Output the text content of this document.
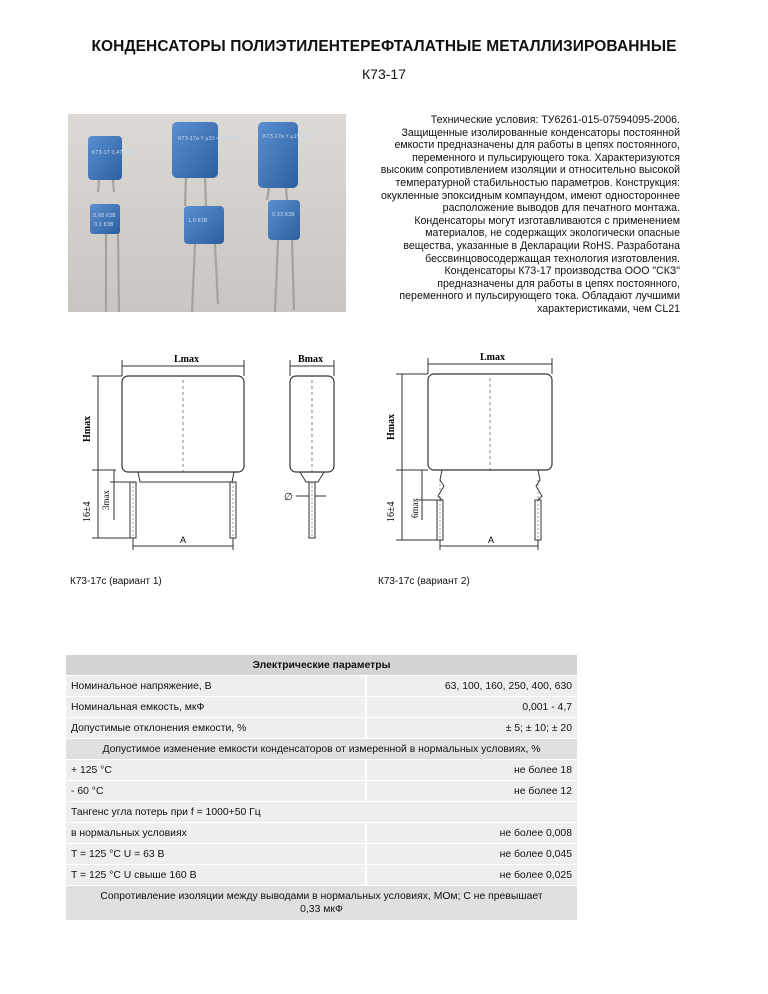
КОНДЕНСАТОРЫ ПОЛИЭТИЛЕНТЕРЕФТАЛАТНЫЕ МЕТАЛЛИЗИРОВАННЫЕ
К73-17
К73-17в Y μ33 400В 5%	К73-17в Y μ15 630В 5%
K73-17 0,47 100В
0,68 63В
1,0 63В
0,33 63В
0,1 63В

Технические условия: ТУ6261-015-07594095-2006.

Защищенные изолированные конденсаторы постоянной

емкости предназначены для работы в цепях постоянного,

переменного и пульсирующего тока. Характеризуются

высоким сопротивлением изоляции и относительно высокой

температурной стабильностью параметров. Конструкция:

окукленные эпоксидным компаундом, имеют одностороннее

расположение выводов для печатного монтажа.

Конденсаторы могут изготавливаются с применением

материалов, не содержащих экологически опасные

вещества, указанные в Декларации RoHS. Разработана

бессвинцовосодержащая технология изготовления.

Конденсаторы К73-17 производства ООО "СКЗ"

предназначены для работы в цепях постоянного,

переменного и пульсирующего тока. Обладают лучшими

характеристиками, чем CL21

Lmax
Hmax
16±4
3max
A
Bmax
∅
Lmax
Hmax
16±4 6max
A
К73-17с (вариант 1)	К73-17с (вариант 2)
Электрические параметры	
Номинальное напряжение, В	63, 100, 160, 250, 400, 630
Номинальная емкость, мкФ	0,001 - 4,7
Допустимые отклонения емкости, %	± 5; ± 10; ± 20
Допустимое изменение емкости конденсаторов от измеренной в нормальных условиях, %	
+ 125 °C	не более 18
- 60 °C	не более 12
Тангенс угла потерь при f = 1000+50 Гц	
в нормальных условиях	не более 0,008
T = 125 °C U = 63 В	не более 0,045
T = 125 °C U свыше 160 В	не более 0,025

Сопротивление изоляции между выводами в нормальных условиях, МОм; С не превышает
0,33 мкФ	
